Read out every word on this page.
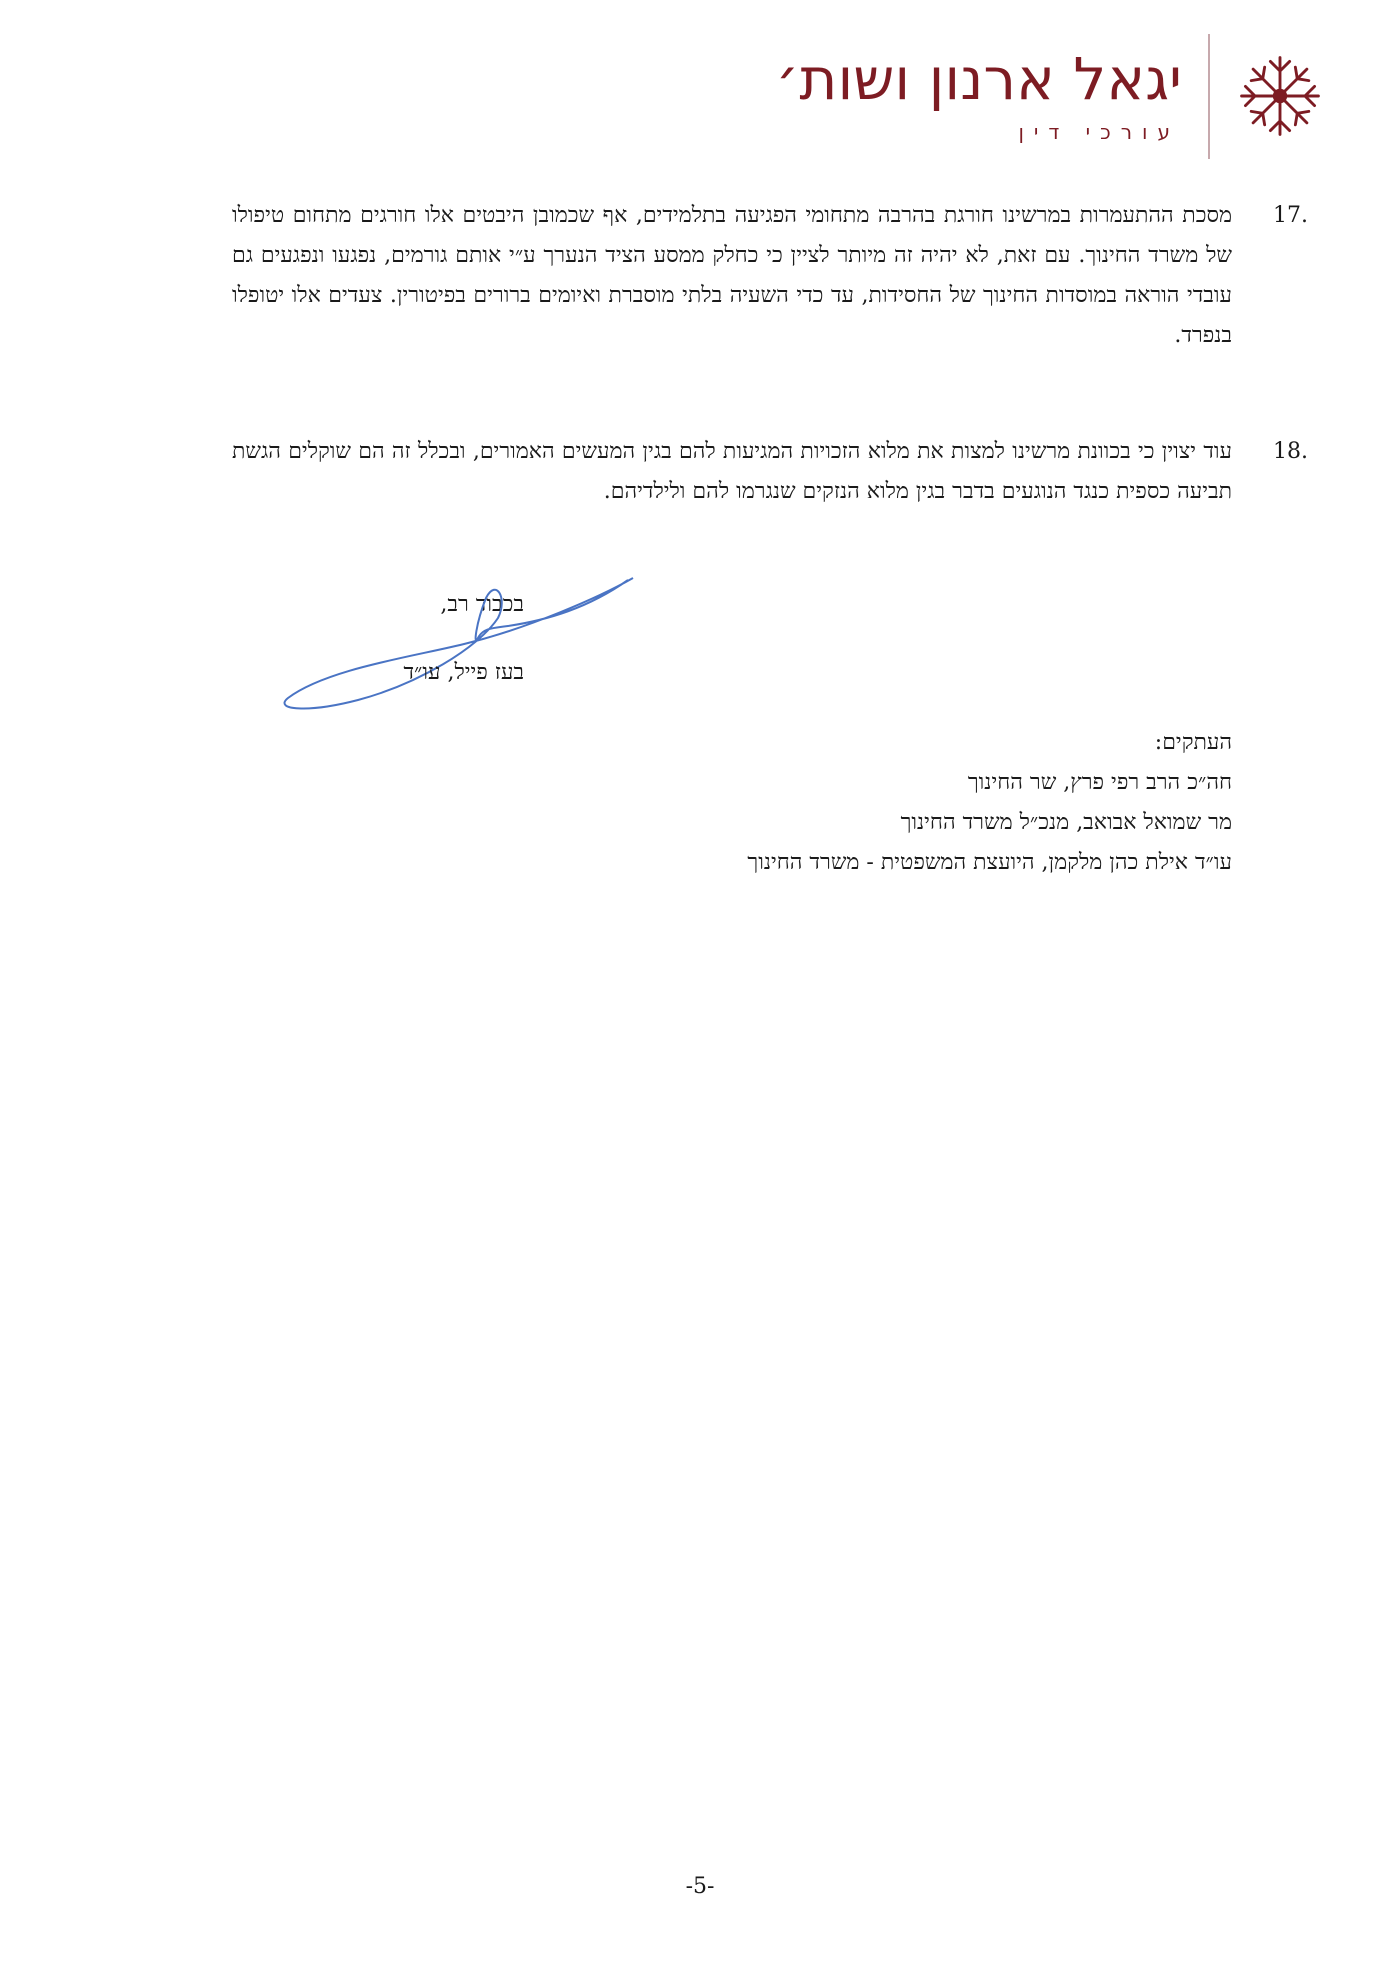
יגאל ארנון ושות׳
עורכי דין
17.
מסכת ההתעמרות במרשינו חורגת בהרבה מתחומי הפגיעה בתלמידים, אף שכמובן היבטים אלו חורגים מתחום טיפולו של משרד החינוך. עם זאת, לא יהיה זה מיותר לציין כי כחלק ממסע הציד הנערך ע״י אותם גורמים, נפגעו ונפגעים גם עובדי הוראה במוסדות החינוך של החסידות, עד כדי השעיה בלתי מוסברת ואיומים ברורים בפיטורין. צעדים אלו יטופלו בנפרד.
18.
עוד יצוין כי בכוונת מרשינו למצות את מלוא הזכויות המגיעות להם בגין המעשים האמורים, ובכלל זה הם שוקלים הגשת תביעה כספית כנגד הנוגעים בדבר בגין מלוא הנזקים שנגרמו להם ולילדיהם.
בכבוד רב,
בעז פייל, עו״ד
העתקים:
חה״כ הרב רפי פרץ, שר החינוך
מר שמואל אבואב, מנכ״ל משרד החינוך
עו״ד אילת כהן מלקמן, היועצת המשפטית - משרד החינוך
-5-
